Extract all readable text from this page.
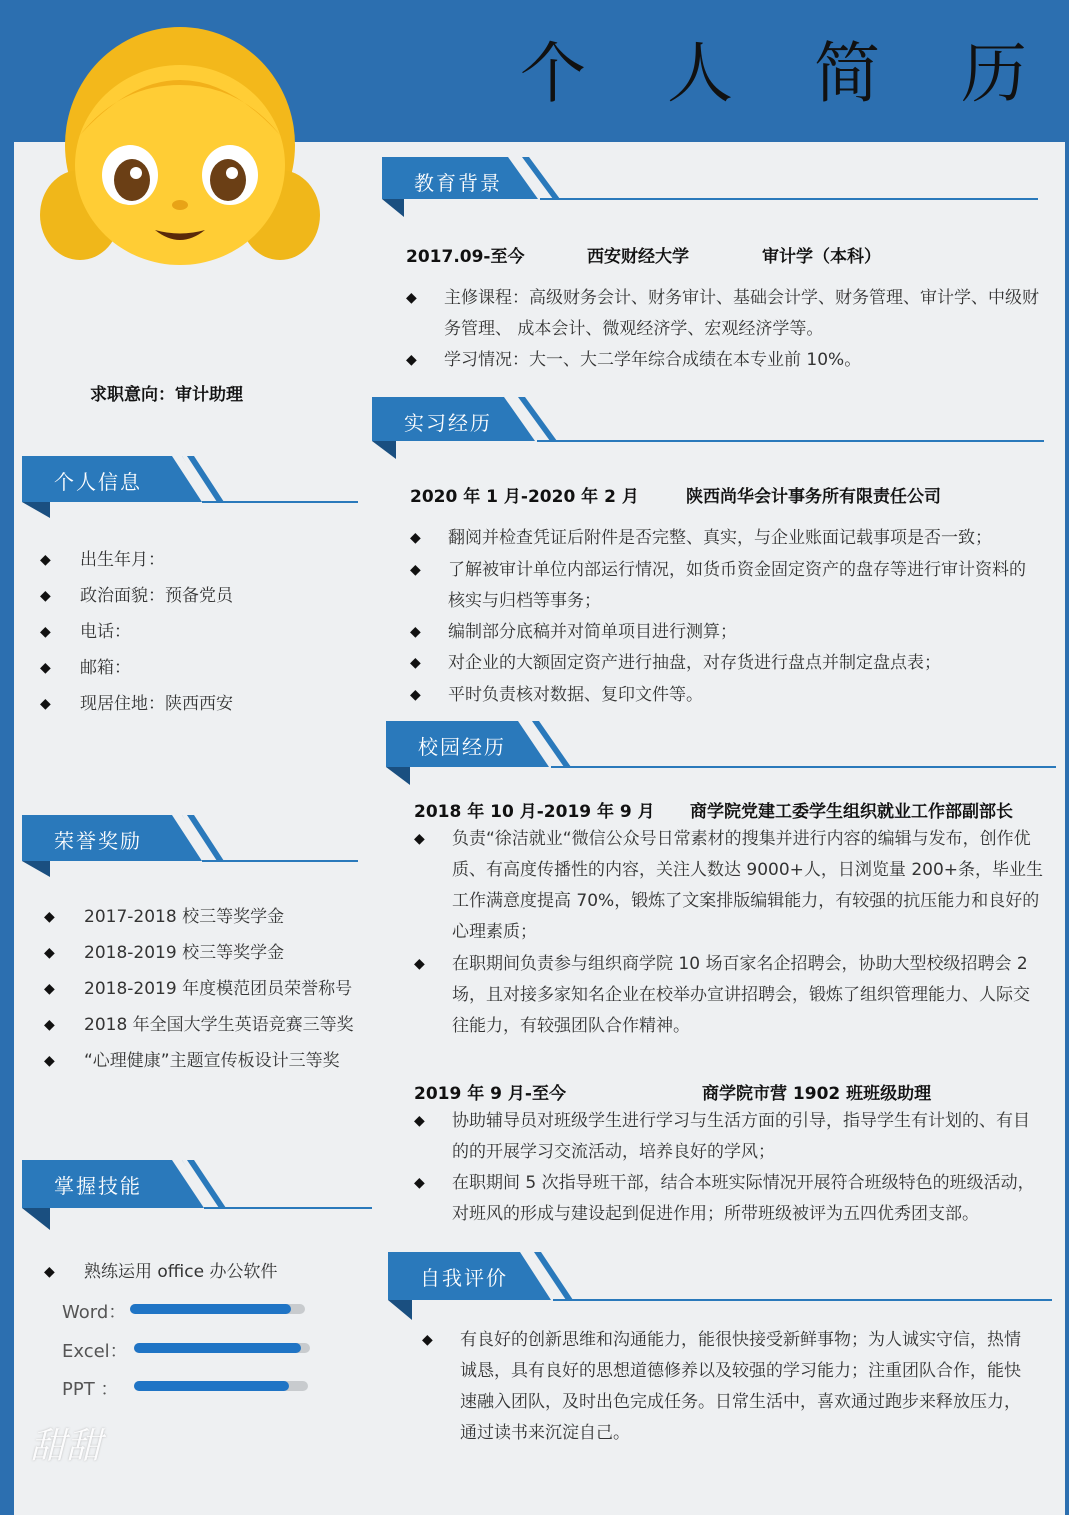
个 人 简 历
求职意向：审计助理
个人信息
◆	出生年月：
◆	政治面貌：预备党员
◆	电话：
◆	邮箱：
◆	现居住地：陕西西安
荣誉奖励
◆	2017-2018 校三等奖学金
◆	2018-2019 校三等奖学金
◆	2018-2019 年度模范团员荣誉称号
◆	2018 年全国大学生英语竞赛三等奖
◆	“心理健康”主题宣传板设计三等奖
掌握技能
◆	熟练运用 office 办公软件
Word：
Excel：
PPT ：
教育背景
2017.09-至今	西安财经大学	审计学（本科）
◆	主修课程：高级财务会计、财务审计、基础会计学、财务管理、审计学、中级财务管理、 成本会计、微观经济学、宏观经济学等。
◆	学习情况：大一、大二学年综合成绩在本专业前 10%。
实习经历
2020 年 1 月-2020 年 2 月	陕西尚华会计事务所有限责任公司
◆	翻阅并检查凭证后附件是否完整、真实，与企业账面记载事项是否一致；
◆	了解被审计单位内部运行情况，如货币资金固定资产的盘存等进行审计资料的核实与归档等事务；
◆	编制部分底稿并对简单项目进行测算；
◆	对企业的大额固定资产进行抽盘，对存货进行盘点并制定盘点表；
◆	平时负责核对数据、复印文件等。
校园经历
2018 年 10 月-2019 年 9 月 商学院党建工委学生组织就业工作部副部长
◆	负责“徐洁就业“微信公众号日常素材的搜集并进行内容的编辑与发布，创作优质、有高度传播性的内容，关注人数达 9000+人，日浏览量 200+条，毕业生工作满意度提高 70%，锻炼了文案排版编辑能力，有较强的抗压能力和良好的心理素质；
◆	在职期间负责参与组织商学院 10 场百家名企招聘会，协助大型校级招聘会 2 场，且对接多家知名企业在校举办宣讲招聘会，锻炼了组织管理能力、人际交往能力，有较强团队合作精神。
2019 年 9 月-至今	商学院市营 1902 班班级助理
◆	协助辅导员对班级学生进行学习与生活方面的引导，指导学生有计划的、有目的的开展学习交流活动，培养良好的学风；
◆	在职期间 5 次指导班干部，结合本班实际情况开展符合班级特色的班级活动，对班风的形成与建设起到促进作用；所带班级被评为五四优秀团支部。
自我评价
◆	有良好的创新思维和沟通能力，能很快接受新鲜事物；为人诚实守信，热情诚恳，具有良好的思想道德修养以及较强的学习能力；注重团队合作，能快速融入团队，及时出色完成任务。日常生活中，喜欢通过跑步来释放压力，通过读书来沉淀自己。
甜甜
